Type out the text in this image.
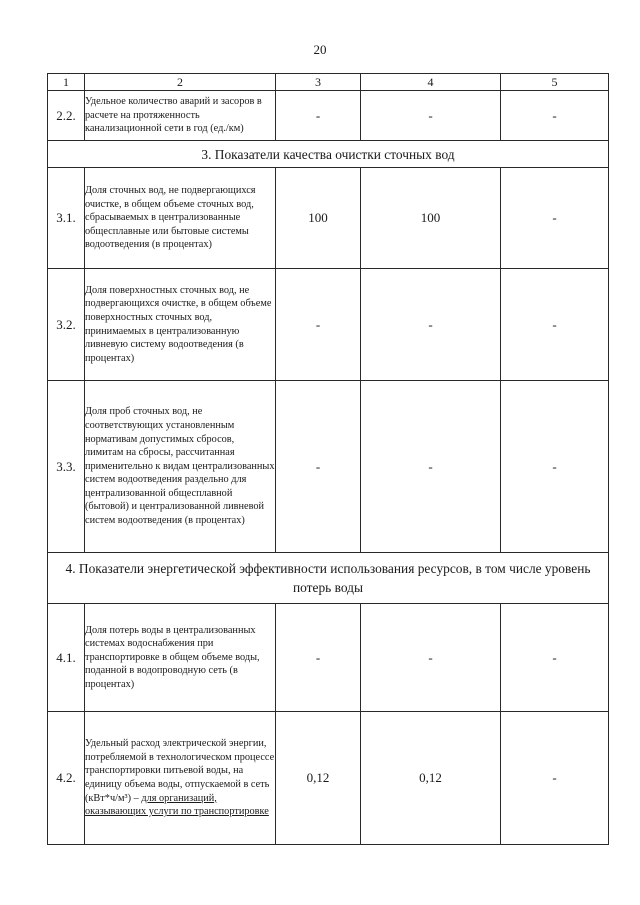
20
1	2	3	4	5
2.2.	Удельное количество аварий и засоров в расчете на протяженность канализационной сети в год (ед./км)	-	-	-
3. Показатели качества очистки сточных вод				
3.1.	Доля сточных вод, не подвергающихся очистке, в общем объеме сточных вод, сбрасываемых в централизованные общесплавные или бытовые системы водоотведения (в процентах)	100	100	-
3.2.	Доля поверхностных сточных вод, не подвергающихся очистке, в общем объеме поверхностных сточных вод, принимаемых в централизованную ливневую систему водоотведения (в процентах)	-	-	-
3.3.	Доля проб сточных вод, не соответствующих установленным нормативам допустимых сбросов, лимитам на сбросы, рассчитанная применительно к видам централизованных систем водоотведения раздельно для централизованной общесплавной (бытовой) и централизованной ливневой систем водоотведения (в процентах)	-	-	-
4. Показатели энергетической эффективности использования ресурсов, в том числе уровень потерь воды				
4.1.	Доля потерь воды в централизованных системах водоснабжения при транспортировке в общем объеме воды, поданной в водопроводную сеть (в процентах)	-	-	-
4.2.	Удельный расход электрической энергии, потребляемой в технологическом процессе транспортировки питьевой воды, на единицу объема воды, отпускаемой в сеть (кВт*ч/м³) – для организаций, оказывающих услуги по транспортировке	0,12	0,12	-
